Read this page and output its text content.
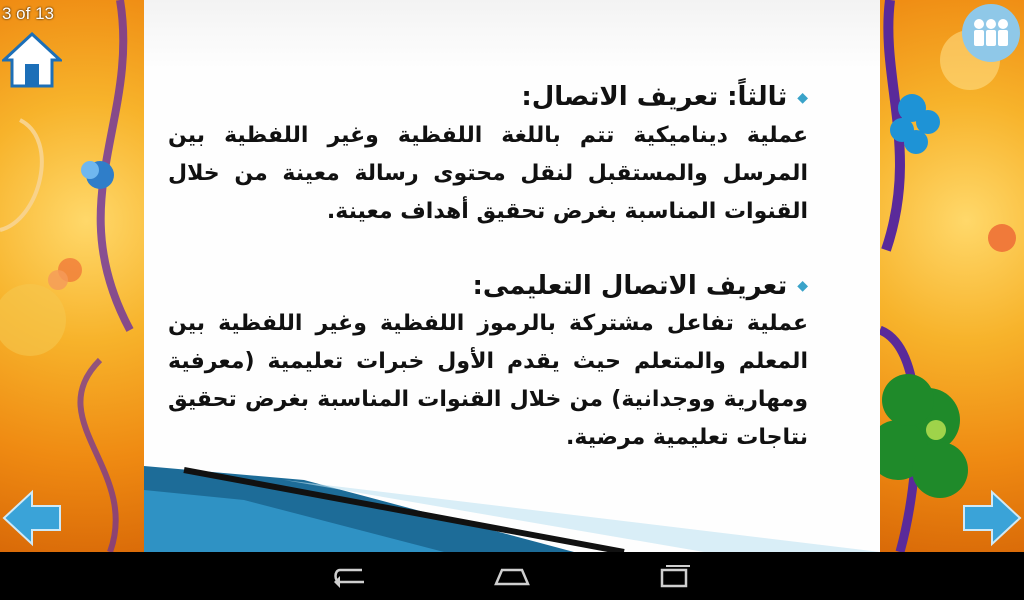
◆ثالثاً: تعريف الاتصال:

عملية ديناميكية تتم باللغة اللفظية وغير اللفظية بين المرسل والمستقبل لنقل محتوى رسالة معينة من خلال القنوات المناسبة بغرض تحقيق أهداف معينة.

◆تعريف الاتصال التعليمى:

عملية تفاعل مشتركة بالرموز اللفظية وغير اللفظية بين المعلم والمتعلم حيث يقدم الأول خبرات تعليمية (معرفية ومهارية ووجدانية) من خلال القنوات المناسبة بغرض تحقيق نتاجات تعليمية مرضية.

3 of 13
